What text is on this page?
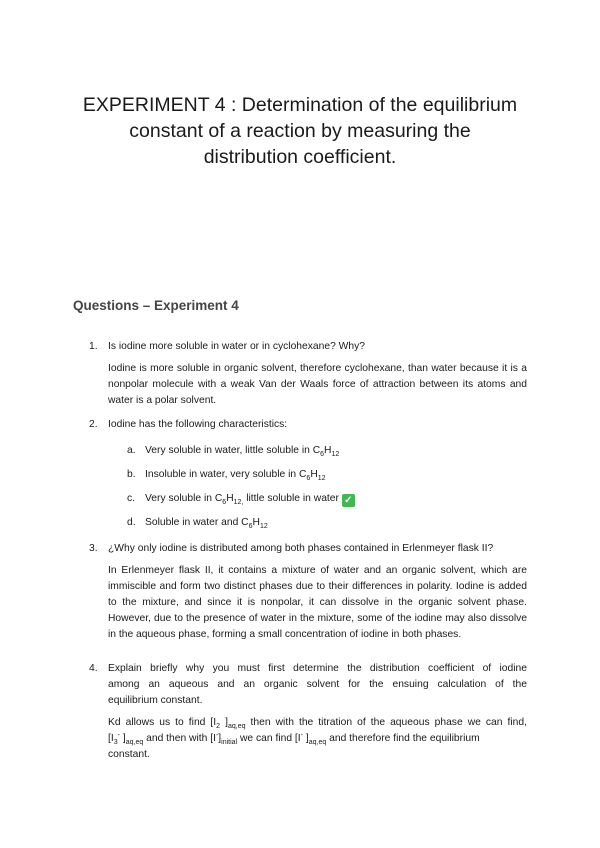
EXPERIMENT 4 : Determination of the equilibrium
constant of a reaction by measuring the
distribution coefficient.
Questions – Experiment 4
1. Is iodine more soluble in water or in cyclohexane? Why?
Iodine is more soluble in organic solvent, therefore cyclohexane, than water because it is a nonpolar molecule with a weak Van der Waals force of attraction between its atoms and water is a polar solvent.
2. Iodine has the following characteristics:
a. Very soluble in water, little soluble in $C_6H_{12}$
b. Insoluble in water, very soluble in $C_6H_{12}$
c. Very soluble in $C_6H_{12,}$ little soluble in water ✓
d. Soluble in water and $C_6H_{12}$
3. ¿Why only iodine is distributed among both phases contained in Erlenmeyer flask II?
In Erlenmeyer flask II, it contains a mixture of water and an organic solvent, which are immiscible and form two distinct phases due to their differences in polarity. Iodine is added to the mixture, and since it is nonpolar, it can dissolve in the organic solvent phase. However, due to the presence of water in the mixture, some of the iodine may also dissolve in the aqueous phase, forming a small concentration of iodine in both phases.
4. Explain briefly why you must first determine the distribution coefficient of iodine
among an aqueous and an organic solvent for the ensuing calculation of the
equilibrium constant.
Kd allows us to find [$I_2$ ]$_{aq,eq}$ then with the titration of the aqueous phase we can find,
[$I_3^-$ ]$_{aq,eq}$ and then with $[I^-]_{initial}$ we can find [I- ]$_{aq,eq}$ and therefore find the equilibrium
constant.
